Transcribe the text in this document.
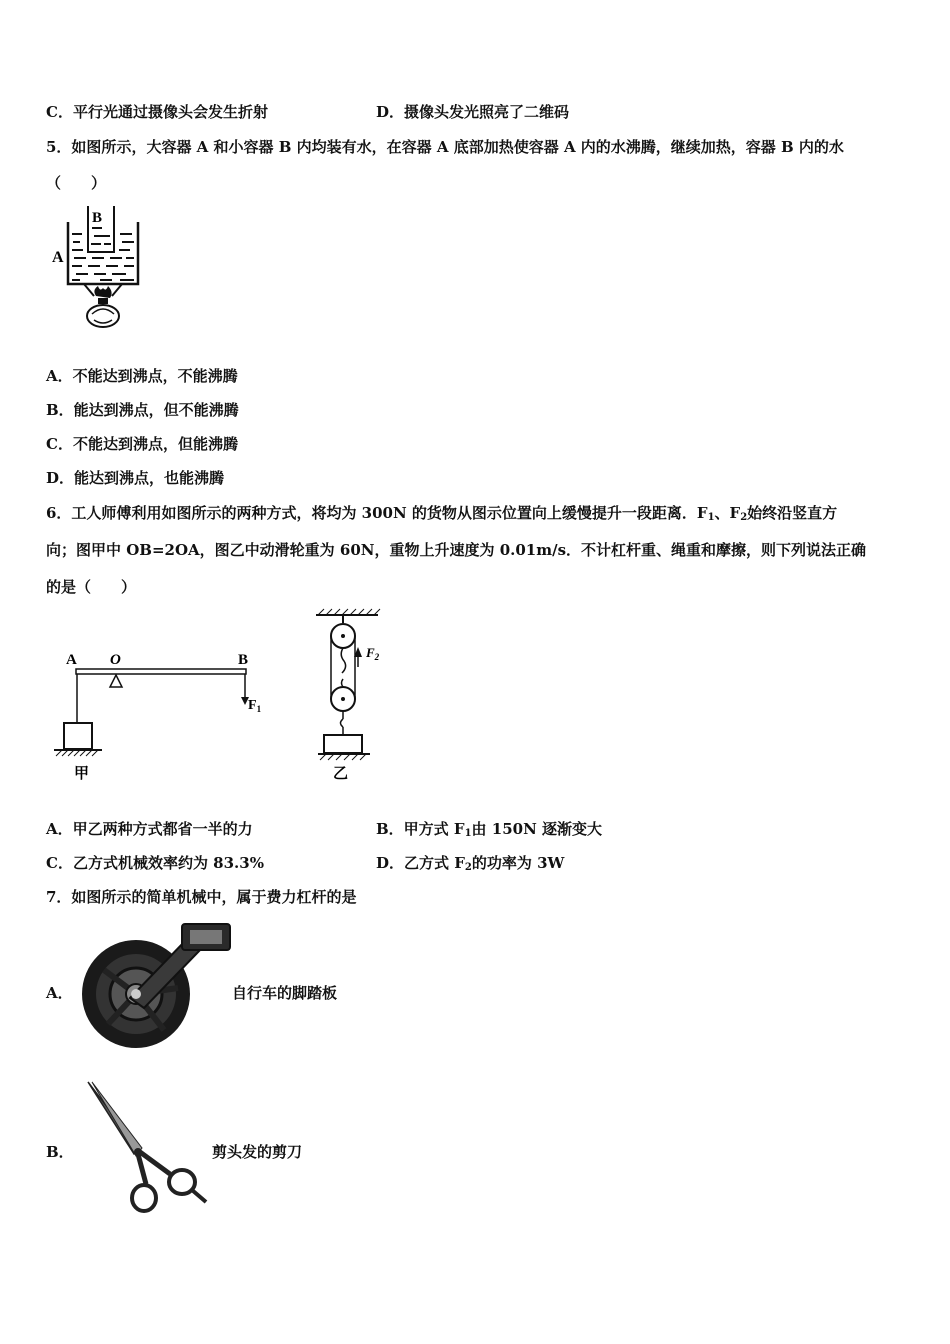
C．平行光通过摄像头会发生折射	D．摄像头发光照亮了二维码
5．如图所示，大容器 A 和小容器 B 内均装有水，在容器 A 底部加热使容器 A 内的水沸腾，继续加热，容器 B 内的水
（　　）
B
A
A．不能达到沸点，不能沸腾
B．能达到沸点，但不能沸腾
C．不能达到沸点，但能沸腾
D．能达到沸点，也能沸腾
6．工人师傅利用如图所示的两种方式，将均为 300N 的货物从图示位置向上缓慢提升一段距离．$F_1$、$F_2$始终沿竖直方
向；图甲中 OB=2OA，图乙中动滑轮重为 60N，重物上升速度为 0.01m/s．不计杠杆重、绳重和摩擦，则下列说法正确
的是（　　）
A O	B
$F_1$
甲
$F_2$
乙
A．甲乙两种方式都省一半的力	B．甲方式 $F_1$由 150N 逐渐变大
C．乙方式机械效率约为 83.3%	D．乙方式 $F_2$的功率为 3W
7．如图所示的简单机械中，属于费力杠杆的是
A．	自行车的脚踏板
B．	剪头发的剪刀
